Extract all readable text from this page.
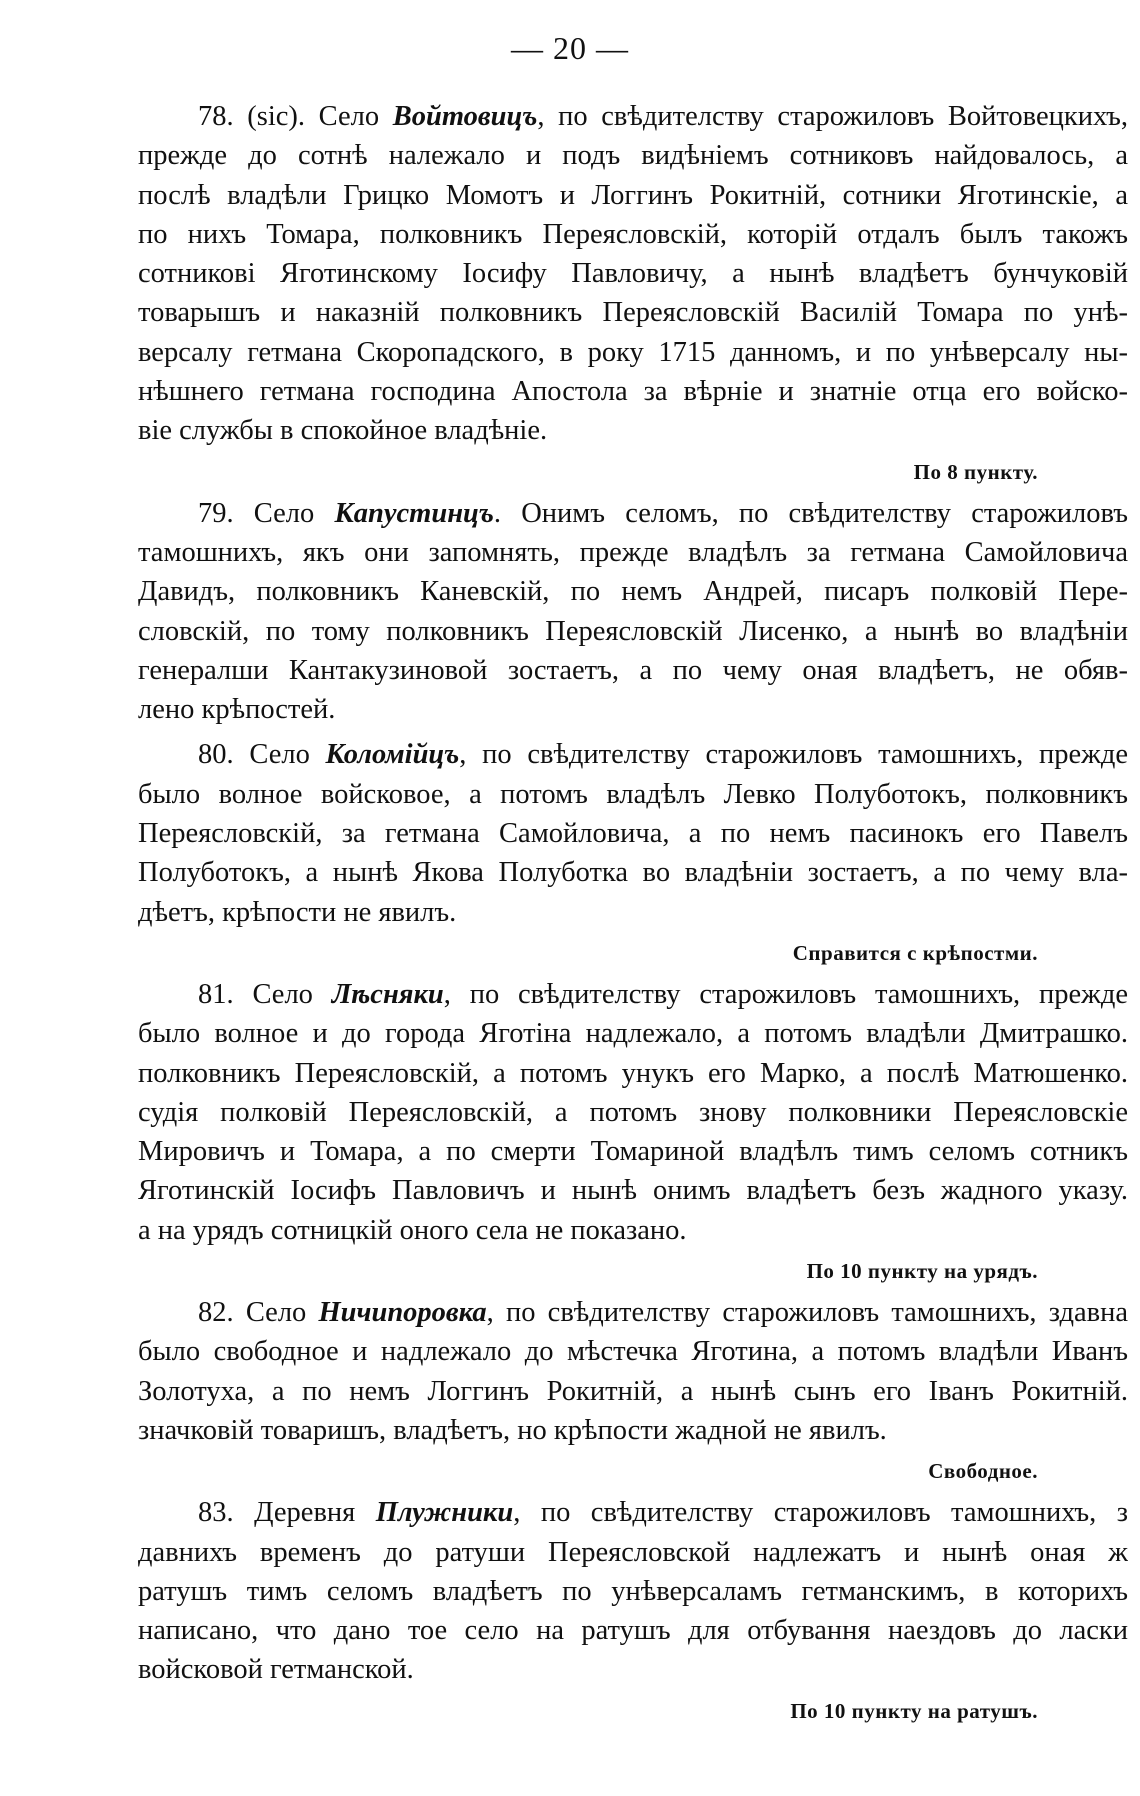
— 20 —
78. (sic). Село Войтовицъ, по свѣдителству старожиловъ Войтовецкихъ,
прежде до сотнѣ належало и подъ видѣніемъ сотниковъ найдовалось, а
послѣ владѣли Грицко Момотъ и Логгинъ Рокитній, сотники Яготинскіе, а
по нихъ Томара, полковникъ Переясловскій, которій отдалъ былъ такожъ
сотникові Яготинскому Іосифу Павловичу, а нынѣ владѣетъ бунчуковій
товарышъ и наказній полковникъ Переясловскій Василій Томара по унѣ-
версалу гетмана Скоропадского, в року 1715 данномъ, и по унѣверсалу ны-
нѣшнего гетмана господина Апостола за вѣрніе и знатніе отца его войско-
віе службы в спокойное владѣніе.
По 8 пункту.
79. Село Капустинцъ. Онимъ селомъ, по свѣдителству старожиловъ
тамошнихъ, якъ они запомнять, прежде владѣлъ за гетмана Самойловича
Давидъ, полковникъ Каневскій, по немъ Андрей, писаръ полковій Пере-
словскій, по тому полковникъ Переясловскій Лисенко, а нынѣ во владѣніи
генералши Кантакузиновой зостаетъ, а по чему оная владѣетъ, не обяв-
лено крѣпостей.
80. Село Коломійцъ, по свѣдителству старожиловъ тамошнихъ, прежде
было волное войсковое, а потомъ владѣлъ Левко Полуботокъ, полковникъ
Переясловскій, за гетмана Самойловича, а по немъ пасинокъ его Павелъ
Полуботокъ, а нынѣ Якова Полуботка во владѣніи зостаетъ, а по чему вла-
дѣетъ, крѣпости не явилъ.
Справится с крѣпостми.
81. Село Лѣсняки, по свѣдителству старожиловъ тамошнихъ, прежде
было волное и до города Яготіна надлежало, а потомъ владѣли Дмитрашко.
полковникъ Переясловскій, а потомъ унукъ его Марко, а послѣ Матюшенко.
судія полковій Переясловскій, а потомъ знову полковники Переясловскіе
Мировичъ и Томара, а по смерти Томариной владѣлъ тимъ селомъ сотникъ
Яготинскій Іосифъ Павловичъ и нынѣ онимъ владѣетъ безъ жадного указу.
а на урядъ сотницкій оного села не показано.
По 10 пункту на урядъ.
82. Село Ничипоровка, по свѣдителству старожиловъ тамошнихъ, здавна
было свободное и надлежало до мѣстечка Яготина, а потомъ владѣли Иванъ
Золотуха, а по немъ Логгинъ Рокитній, а нынѣ сынъ его Іванъ Рокитній.
значковій товаришъ, владѣетъ, но крѣпости жадной не явилъ.
Свободное.
83. Деревня Плужники, по свѣдителству старожиловъ тамошнихъ, з
давнихъ временъ до ратуши Переясловской надлежатъ и нынѣ оная ж
ратушъ тимъ селомъ владѣетъ по унѣверсаламъ гетманскимъ, в которихъ
написано, что дано тое село на ратушъ для отбування наездовъ до ласки
войсковой гетманской.
По 10 пункту на ратушъ.
